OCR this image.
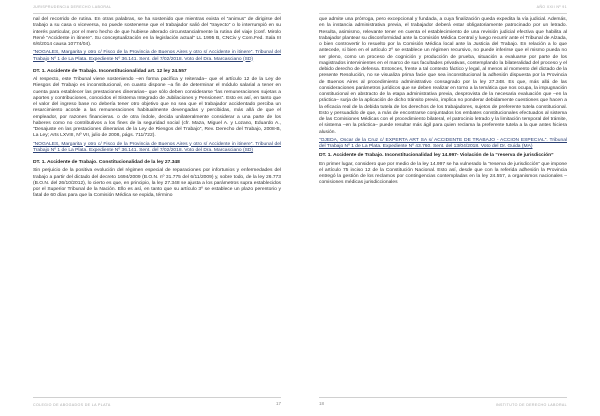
JURISPRUDENCIA DERECHO LABORAL

nal del recorrido de rutina. En otras palabras, se ha sostenido que mientras exista el “animus” de dirigirse del trabajo a su casa o viceversa, no puede sostenerse que el trabajador salió del “trayecto” o lo interrumpió en su interés particular, por el mero hecho de que hubiese alterado circunstancialmente la rutina del viaje (conf. Mirolo René “Accidente in itinere”. Su conceptualización en la legislación actual” LL 1995 B, CNCiv y Com.Fed. Sala III 6/6/2014 causa 10774/04).

“NOGALES, Margarita y otro c/ Fisco de la Provincia de Buenos Aires y otro s/ Accidente in itinere”. Tribunal del Trabajo Nº 1 de La Plata. Expediente Nº 36.141. Sent. del 7/02/2018. Voto del Dra. Marcasciano (SD)

DT. 1. Accidente de Trabajo. Inconstitucionalidad art. 12 ley 24.557

Al respecto, este Tribunal viene sosteniendo –en forma pacífica y reiterada– que el artículo 12 de la Ley de Riesgos del Trabajo es inconstitucional, en cuanto dispone –a fin de determinar el módulo salarial a tener en cuenta para establecer las prestaciones dinerarias– que sólo deben considerarse “las remuneraciones sujetas a aportes y contribuciones, conocidos el Sistema Integrado de Jubilaciones y Pensiones”. Esto es así, en tanto que el valor del ingreso base no debería tener otro objetivo que no sea que el trabajador accidentado perciba un resarcimiento acorde a las remuneraciones habitualmente devengadas y percibidas, más allá de que el empleador, por razones financieras. o de otra índole, decida unilateralmente considerar a una parte de los haberes como no contributivos a los fines de la seguridad social (cfr. Maza, Miguel A. y Lozano, Eduardo A., “Desajuste en las prestaciones dinerarias de la Ley de Riesgos del Trabajo”, Rev. Derecho del Trabajo, 2008-B, La Ley; Arts LXVIII, Nº VII, julio de 2008, págs. 711/722).

“NOGALES, Margarita y otro c/ Fisco de la Provincia de Buenos Aires y otro s/ Accidente in itinere”. Tribunal del Trabajo Nº 1 de La Plata. Expediente Nº 36.141. Sent. del 7/02/2018. Voto del Dra. Marcasciano (SD)

DT. 1. Accidente de Trabajo. Constitucionalidad de la ley 27.348

Sin perjuicio de la positiva evolución del régimen especial de reparaciones por infortunios y enfermedades del trabajo a partir del dictado del decreto 1694/2009 (B.O.N. nº 31.775 del 6/11/2009) y, sobre todo, de la ley 26.773 (B.O.N. del 26/10/2012), lo cierto es que, en principio, la ley 27.348 se ajusta a los parámetros supra establecidos por el Superior Tribunal de la Nación. Ello es así, en tanto que su artículo 3º se establece un plazo perentorio y fatal de 60 días para que la Comisión Médica se expida, término

COLEGIO DE ABOGADOS DE LA PLATA	17
AÑO XXII Nº 91

que admite una prórroga, pero excepcional y fundada, a cuya finalización queda expedita la vía judicial. Además, en la instancia administrativa previa, el trabajador deberá estar obligatoriamente patrocinado por un letrado. Resulta, asimismo, relevante tener en cuenta el establecimiento de una revisión judicial efectiva que habilita al trabajador plantear su disconformidad ante la Comisión Médica Central y luego recurrir ante el Tribunal de Alzada, o bien controvertir lo resuelto por la Comisión Médica local ante la Justicia del Trabajo. En relación a lo que antecede, si bien en el artículo 2º se establece un régimen recursivo, no puede inferirse que el mismo pueda no ser pleno, como un proceso de cognición y producción de prueba, situación a evaluarse por parte de los magistrados intervinientes en el marco de sus facultades privativas, contemplando la bilateralidad del proceso y el debido derecho de defensa. Entonces, frente a tal contexto fáctico y legal, al menos al momento del dictado de la presente Resolución, no se visualiza prima facie que sea inconstitucional la adhesión dispuesta por la Provincia de Buenos Aires al procedimiento administrativo consagrado por la ley 27.348. Es que, más allá de las consideraciones parámetros jurídicos que se deben realizar en torno a la temática que nos ocupa, la impugnación constitucional en abstracto de la etapa administrativa previa, desprovista de la necesaria evaluación que –en la práctica– surja de la aplicación de dicho tránsito previo, implica no ponderar debidamente cuestiones que hacen a la eficacia real de la debida tutela de los derechos de los trabajadores, sujetos de preferente tutela constitucional. Esto y persuadido de que, a más de encontrarse conjuntados los embates constitucionales efectuados al sistema de las Comisiones Médicas con el procedimiento bilateral, el patrocinio letrado y la limitación temporal del trámite, el sistema –en la práctica– puede resultar más ágil para quien reclama la preferente tutela a la que antes hiciera alusión.

“OJEDA, Oscar de la Cruz c/ EXPERTA ART SA s/ ACCIDENTE DE TRABAJO - ACCION ESPECIAL”. Tribunal del Trabajo Nº 1 de La Plata. Expediente Nº 43.760. Sent. del 13/04/2018. Voto del Dr. Guida (MA)

DT. 1. Accidente de Trabajo. Inconstitucionalidad ley 14.997- Violación de la “reserva de jurisdicción”

En primer lugar, considero que por medio de la ley 14.997 se ha vulnerado la “reserva de jurisdicción” que impone el artículo 75 inciso 12 de la Constitución Nacional. Esto así, desde que con la referida adhesión la Provincia entregó la gestión de los reclamos por contingencias contempladas en la ley 24.557, a organismos nacionales –comisiones médicas jurisdiccionales

18	INSTITUTO DE DERECHO LABORAL
